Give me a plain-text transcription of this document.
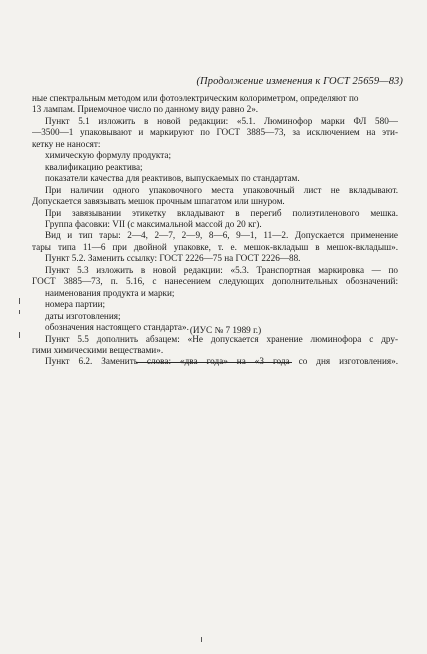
(Продолжение изменения к ГОСТ 25659—83)
ные спектральным методом или фотоэлектрическим колориметром, определяют по
13 лампам. Приемочное число по данному виду равно 2».
Пункт 5.1 изложить в новой редакции: «5.1. Люминофор марки ФЛ 580—
—3500—1 упаковывают и маркируют по ГОСТ 3885—73, за исключением на эти-
кетку не наносят:
химическую формулу продукта;
квалификацию реактива;
показатели качества для реактивов, выпускаемых по стандартам.
При наличии одного упаковочного места упаковочный лист не вкладывают.
Допускается завязывать мешок прочным шпагатом или шнуром.
При завязывании этикетку вкладывают в перегиб полиэтиленового мешка.
Группа фасовки: VII (с максимальной массой до 20 кг).
Вид и тип тары: 2—4, 2—7, 2—9, 8—6, 9—1, 11—2. Допускается применение
тары типа 11—6 при двойной упаковке, т. е. мешок-вкладыш в мешок-вкладыш».
Пункт 5.2. Заменить ссылку: ГОСТ 2226—75 на ГОСТ 2226—88.
Пункт 5.3 изложить в новой редакции: «5.3. Транспортная маркировка — по
ГОСТ 3885—73, п. 5.16, с нанесением следующих дополнительных обозначений:
наименования продукта и марки;
номера партии;
даты изготовления;
обозначения настоящего стандарта».
Пункт 5.5 дополнить абзацем: «Не допускается хранение люминофора с дру-
гими химическими веществами».
Пункт 6.2. Заменить слова: «два года» на «3 года со дня изготовления».
(ИУС № 7 1989 г.)
